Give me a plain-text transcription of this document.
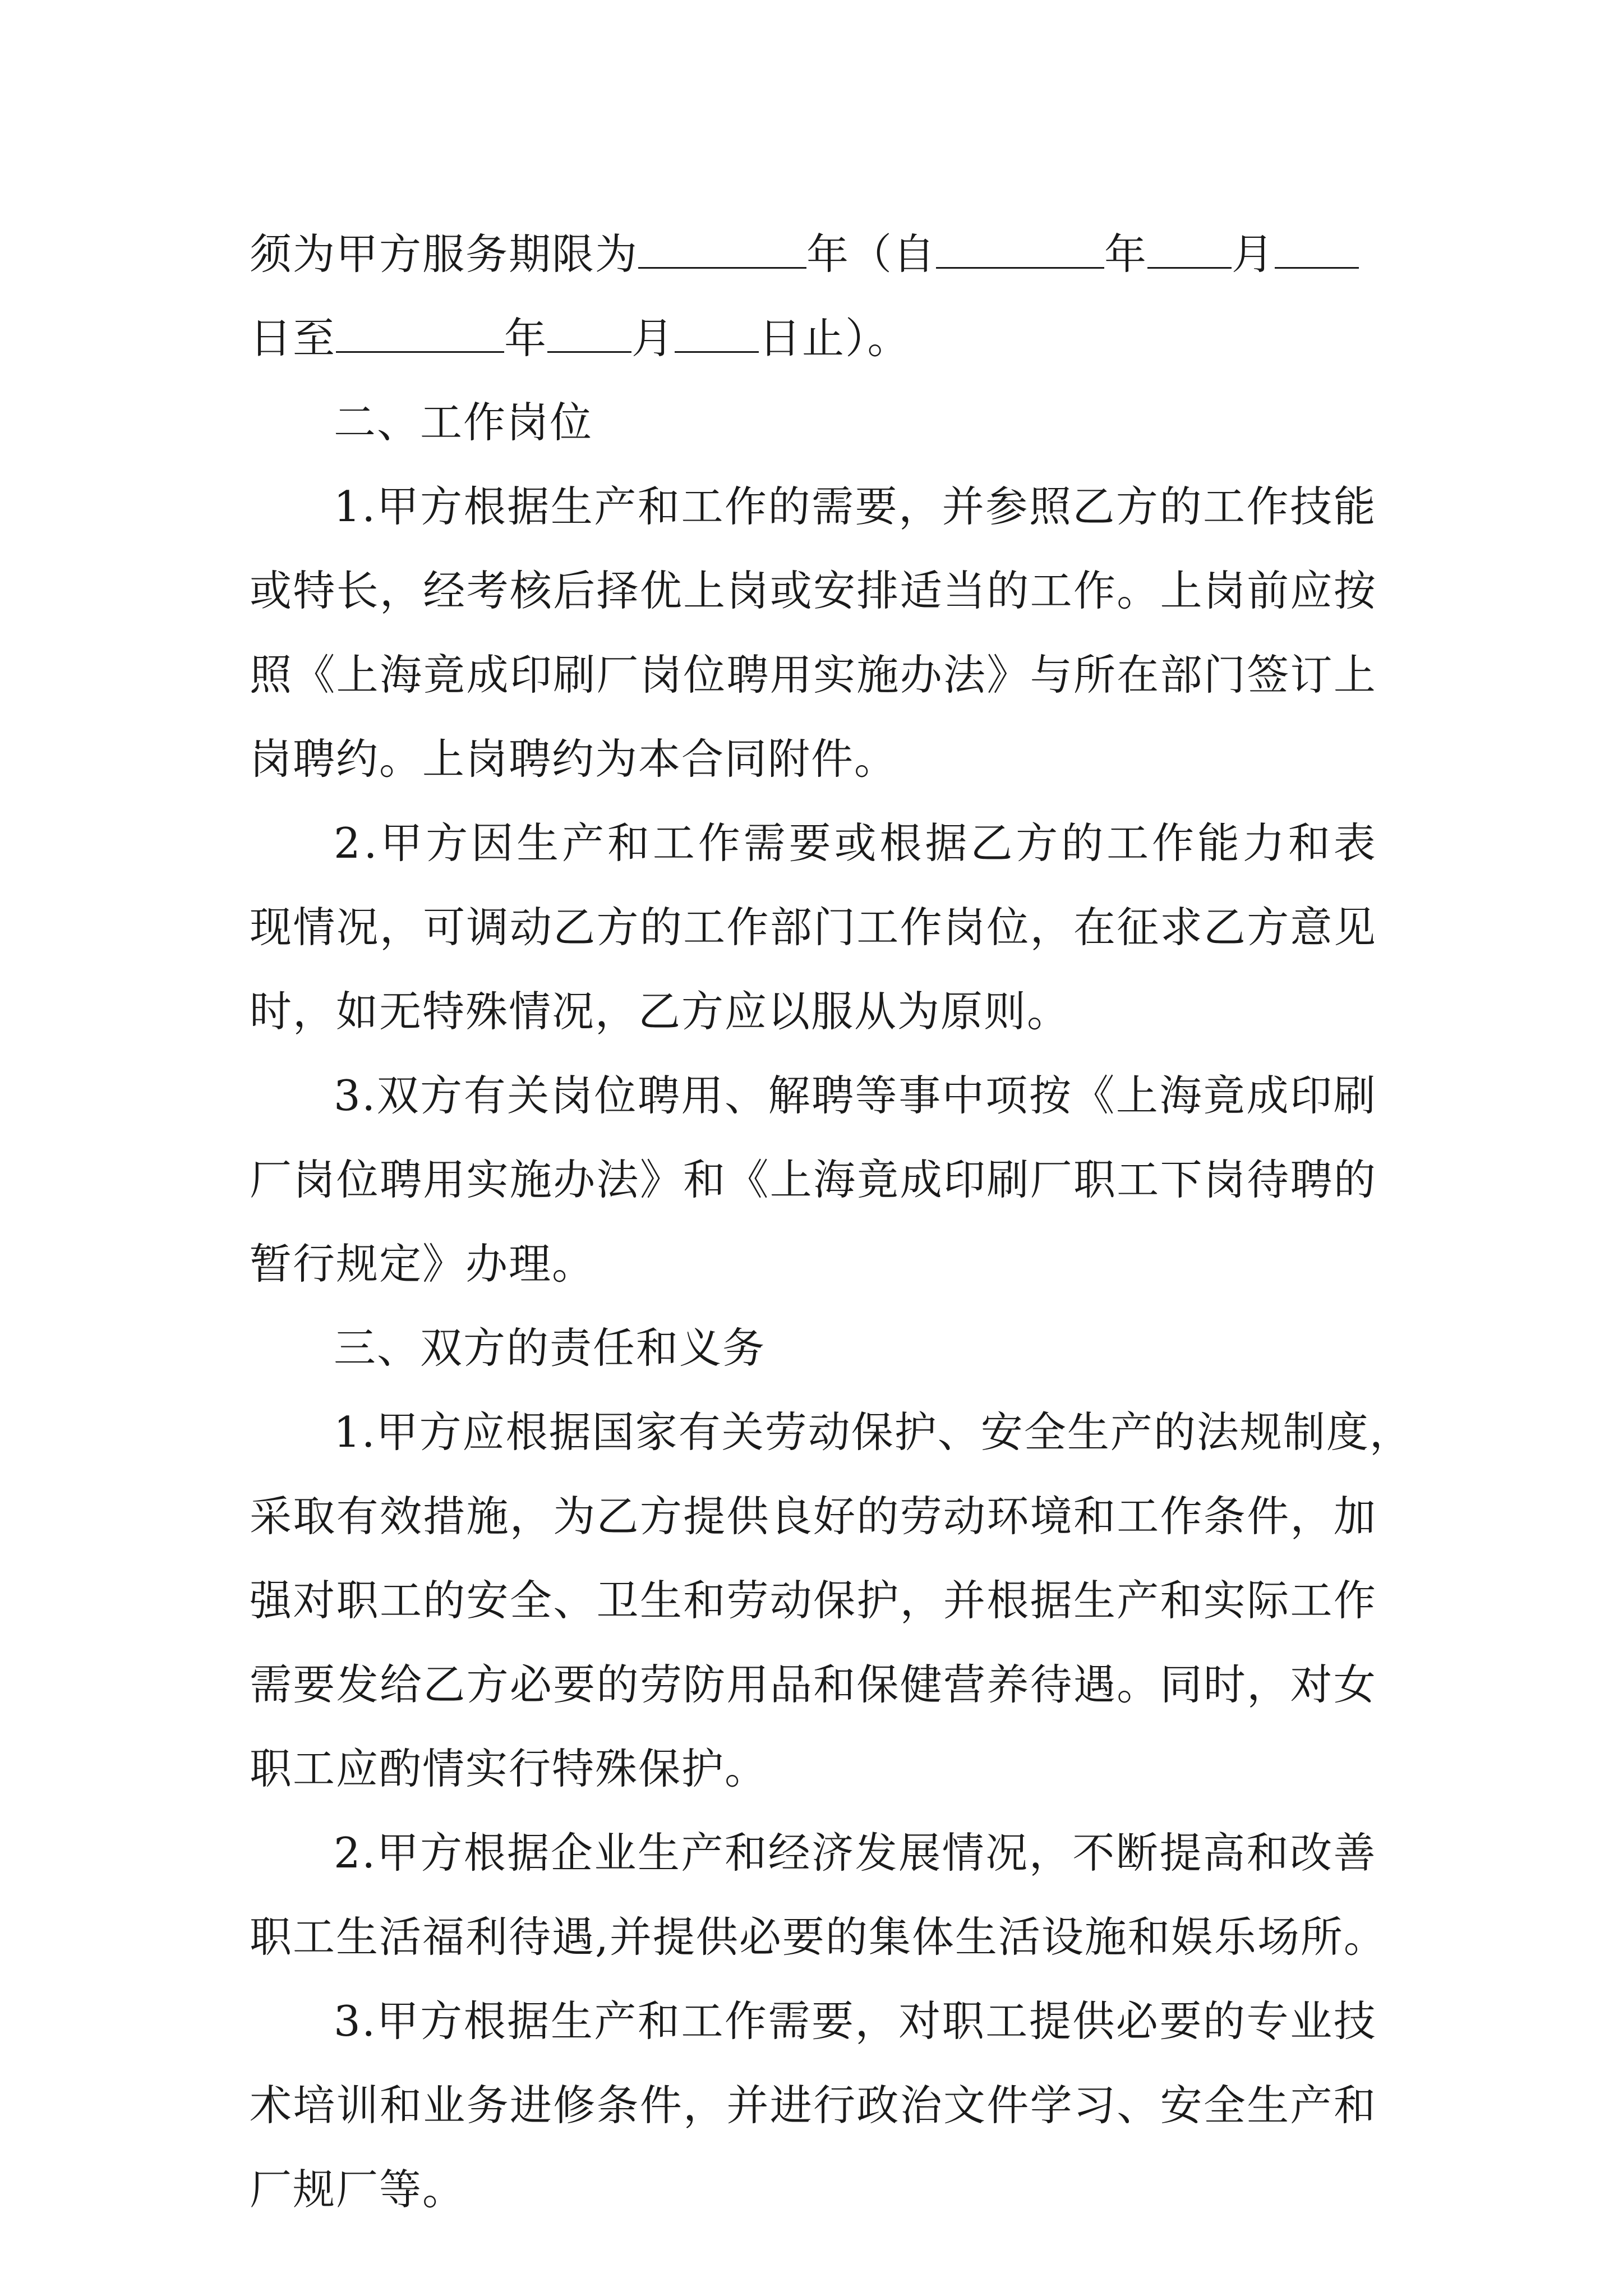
须为甲方服务期限为	年（自	年 月
日至	年 月 日止）。
二、工作岗位
1 . 甲 方 根 据 生 产 和 工 作 的 需 要 ， 并 参 照 乙 方 的 工 作 技 能
或 特 长 ， 经 考 核 后 择 优 上 岗 或 安 排 适 当 的 工 作 。 上 岗 前 应 按
照 《 上 海 竟 成 印 刷 厂 岗 位 聘 用 实 施 办 法 》 与 所 在 部 门 签 订 上
岗聘约。上岗聘约为本合同附件。
2 . 甲 方 因 生 产 和 工 作 需 要 或 根 据 乙 方 的 工 作 能 力 和 表
现 情 况 ， 可 调 动 乙 方 的 工 作 部 门 工 作 岗 位 ， 在 征 求 乙 方 意 见
时，如无特殊情况，乙方应以服从为原则。
3 . 双 方 有 关 岗 位 聘 用 、 解 聘 等 事 中 项 按 《 上 海 竟 成 印 刷
厂 岗 位 聘 用 实 施 办 法 》 和 《 上 海 竟 成 印 刷 厂 职 工 下 岗 待 聘 的
暂行规定》办理。
三、双方的责任和义务
1 . 甲 方 应 根 据 国 家 有 关 劳 动 保 护 、 安 全 生 产 的 法 规 制 度 ，
采 取 有 效 措 施 ， 为 乙 方 提 供 良 好 的 劳 动 环 境 和 工 作 条 件 ， 加
强 对 职 工 的 安 全 、 卫 生 和 劳 动 保 护 ， 并 根 据 生 产 和 实 际 工 作
需 要 发 给 乙 方 必 要 的 劳 防 用 品 和 保 健 营 养 待 遇 。 同 时 ， 对 女
职工应酌情实行特殊保护。
2 . 甲 方 根 据 企 业 生 产 和 经 济 发 展 情 况 ， 不 断 提 高 和 改 善
职工生活福利待遇,并提供必要的集体生活设施和娱乐场所。
3 . 甲 方 根 据 生 产 和 工 作 需 要 ， 对 职 工 提 供 必 要 的 专 业 技
术 培 训 和 业 务 进 修 条 件 ， 并 进 行 政 治 文 件 学 习 、 安 全 生 产 和
厂规厂等。
